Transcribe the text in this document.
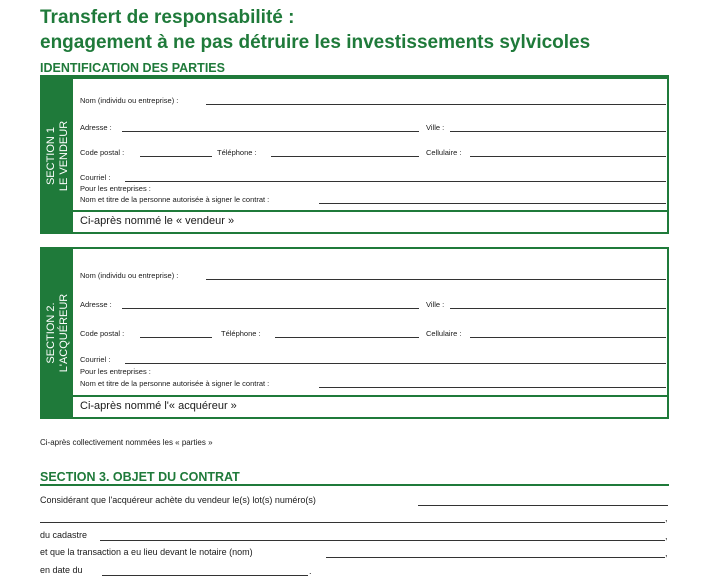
Transfert de responsabilité :
engagement à ne pas détruire les investissements sylvicoles
IDENTIFICATION DES PARTIES
SECTION 1 LE VENDEUR
Nom (individu ou entreprise) :
Adresse :	Ville :
Code postal :	Téléphone :	Cellulaire :
Courriel :
Pour les entreprises :
Nom et titre de la personne autorisée à signer le contrat :
Ci-après nommé le « vendeur »
SECTION 2. L'ACQUÉREUR
Nom (individu ou entreprise) :
Adresse :	Ville :
Code postal :	Téléphone :	Cellulaire :
Courriel :
Pour les entreprises :
Nom et titre de la personne autorisée à signer le contrat :
Ci-après nommé l'« acquéreur »
Ci-après collectivement nommées les « parties »
SECTION 3. OBJET DU CONTRAT
Considérant que l'acquéreur achète du vendeur le(s) lot(s) numéro(s)
,
du cadastre	,
et que la transaction a eu lieu devant le notaire (nom)	,
en date du	.
